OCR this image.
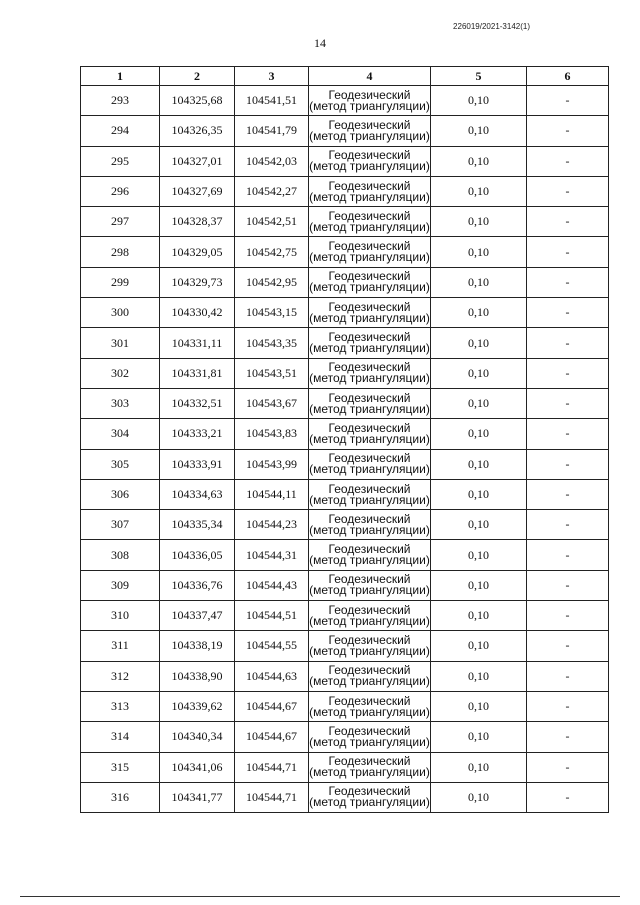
226019/2021-3142(1)
14
1	2	3	4	5	6
293	104325,68	104541,51	Геодезический (метод триангуляции)	0,10	-
294	104326,35	104541,79	Геодезический (метод триангуляции)	0,10	-
295	104327,01	104542,03	Геодезический (метод триангуляции)	0,10	-
296	104327,69	104542,27	Геодезический (метод триангуляции)	0,10	-
297	104328,37	104542,51	Геодезический (метод триангуляции)	0,10	-
298	104329,05	104542,75	Геодезический (метод триангуляции)	0,10	-
299	104329,73	104542,95	Геодезический (метод триангуляции)	0,10	-
300	104330,42	104543,15	Геодезический (метод триангуляции)	0,10	-
301	104331,11	104543,35	Геодезический (метод триангуляции)	0,10	-
302	104331,81	104543,51	Геодезический (метод триангуляции)	0,10	-
303	104332,51	104543,67	Геодезический (метод триангуляции)	0,10	-
304	104333,21	104543,83	Геодезический (метод триангуляции)	0,10	-
305	104333,91	104543,99	Геодезический (метод триангуляции)	0,10	-
306	104334,63	104544,11	Геодезический (метод триангуляции)	0,10	-
307	104335,34	104544,23	Геодезический (метод триангуляции)	0,10	-
308	104336,05	104544,31	Геодезический (метод триангуляции)	0,10	-
309	104336,76	104544,43	Геодезический (метод триангуляции)	0,10	-
310	104337,47	104544,51	Геодезический (метод триангуляции)	0,10	-
311	104338,19	104544,55	Геодезический (метод триангуляции)	0,10	-
312	104338,90	104544,63	Геодезический (метод триангуляции)	0,10	-
313	104339,62	104544,67	Геодезический (метод триангуляции)	0,10	-
314	104340,34	104544,67	Геодезический (метод триангуляции)	0,10	-
315	104341,06	104544,71	Геодезический (метод триангуляции)	0,10	-
316	104341,77	104544,71	Геодезический (метод триангуляции)	0,10	-
